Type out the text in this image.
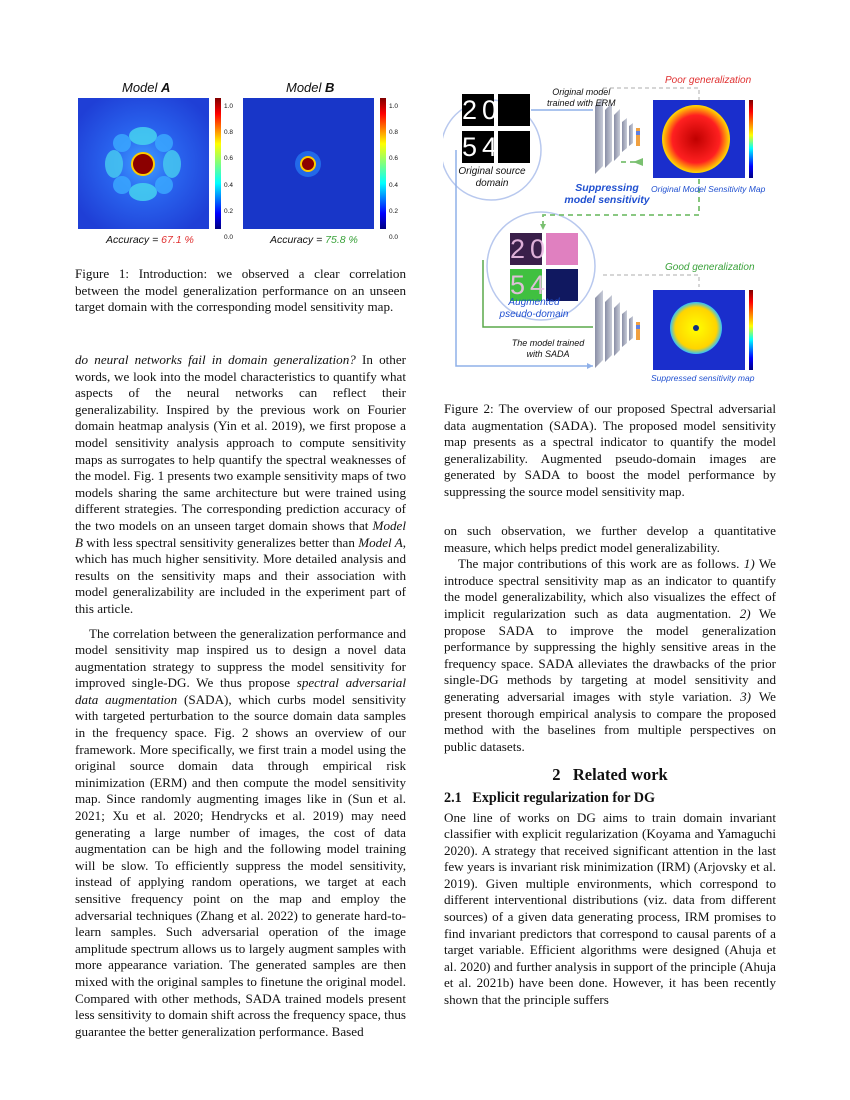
Model A	Model B
1.0
0.8
0.6
0.4
0.2
0.0
1.0
0.8
0.6
0.4
0.2
0.0
Accuracy = 67.1 %	Accuracy = 75.8 %
Figure 1: Introduction: we observed a clear correlation between the model generalization performance on an unseen target domain with the corresponding model sensitivity map.
20
54
20
54
Original model
trained with ERM
Poor generalization
Original source
domain	Suppressing
model sensitivity
Original Model Sensitivity Map
Good generalization
Augmented
pseudo-domain
The model trained
with SADA
Suppressed sensitivity map
Figure 2: The overview of our proposed Spectral adversarial data augmentation (SADA). The proposed model sensitivity map presents as a spectral indicator to quantify the model generalizability. Augmented pseudo-domain images are generated by SADA to boost the model performance by suppressing the source model sensitivity map.

do neural networks fail in domain generalization? In other words, we look into the model characteristics to quantify what aspects of the neural networks can reflect their generalizability. Inspired by the previous work on Fourier domain heatmap analysis (Yin et al. 2019), we first propose a model sensitivity analysis approach to compute sensitivity maps as surrogates to help quantify the spectral weaknesses of the model. Fig. 1 presents two example sensitivity maps of two models sharing the same architecture but were trained using different strategies. The corresponding prediction accuracy of the two models on an unseen target domain shows that Model B with less spectral sensitivity generalizes better than Model A, which has much higher sensitivity. More detailed analysis and results on the sensitivity maps and their association with model generalizability are included in the experiment part of this article.

The correlation between the generalization performance and model sensitivity map inspired us to design a novel data augmentation strategy to suppress the model sensitivity for improved single-DG. We thus propose spectral adversarial data augmentation (SADA), which curbs model sensitivity with targeted perturbation to the source domain data samples in the frequency space. Fig. 2 shows an overview of our framework. More specifically, we first train a model using the original source domain data through empirical risk minimization (ERM) and then compute the model sensitivity map. Since randomly augmenting images like in (Sun et al. 2021; Xu et al. 2020; Hendrycks et al. 2019) may need generating a large number of images, the cost of data augmentation can be high and the following model training will be slow. To efficiently suppress the model sensitivity, instead of applying random operations, we target at each sensitive frequency point on the map and employ the adversarial techniques (Zhang et al. 2022) to generate hard-to-learn samples. Such adversarial operation of the image amplitude spectrum allows us to largely augment samples with more appearance variation. The generated samples are then mixed with the original samples to finetune the original model. Compared with other methods, SADA trained models present less sensitivity to domain shift across the frequency space, thus guarantee the better generalization performance. Based

on such observation, we further develop a quantitative measure, which helps predict model generalizability.

The major contributions of this work are as follows. 1) We introduce spectral sensitivity map as an indicator to quantify the model generalizability, which also visualizes the effect of implicit regularization such as data augmentation. 2) We propose SADA to improve the model generalization performance by suppressing the highly sensitive areas in the frequency space. SADA alleviates the drawbacks of the prior single-DG methods by targeting at model sensitivity and generating adversarial images with style variation. 3) We present thorough empirical analysis to compare the proposed method with the baselines from multiple perspectives on public datasets.

2 Related work
2.1 Explicit regularization for DG

One line of works on DG aims to train domain invariant classifier with explicit regularization (Koyama and Yamaguchi 2020). A strategy that received significant attention in the last few years is invariant risk minimization (IRM) (Arjovsky et al. 2019). Given multiple environments, which correspond to different interventional distributions (viz. data from different sources) of a given data generating process, IRM promises to find invariant predictors that correspond to causal parents of a target variable. Efficient algorithms were designed (Ahuja et al. 2020) and further analysis in support of the principle (Ahuja et al. 2021b) have been done. However, it has been recently shown that the principle suffers
